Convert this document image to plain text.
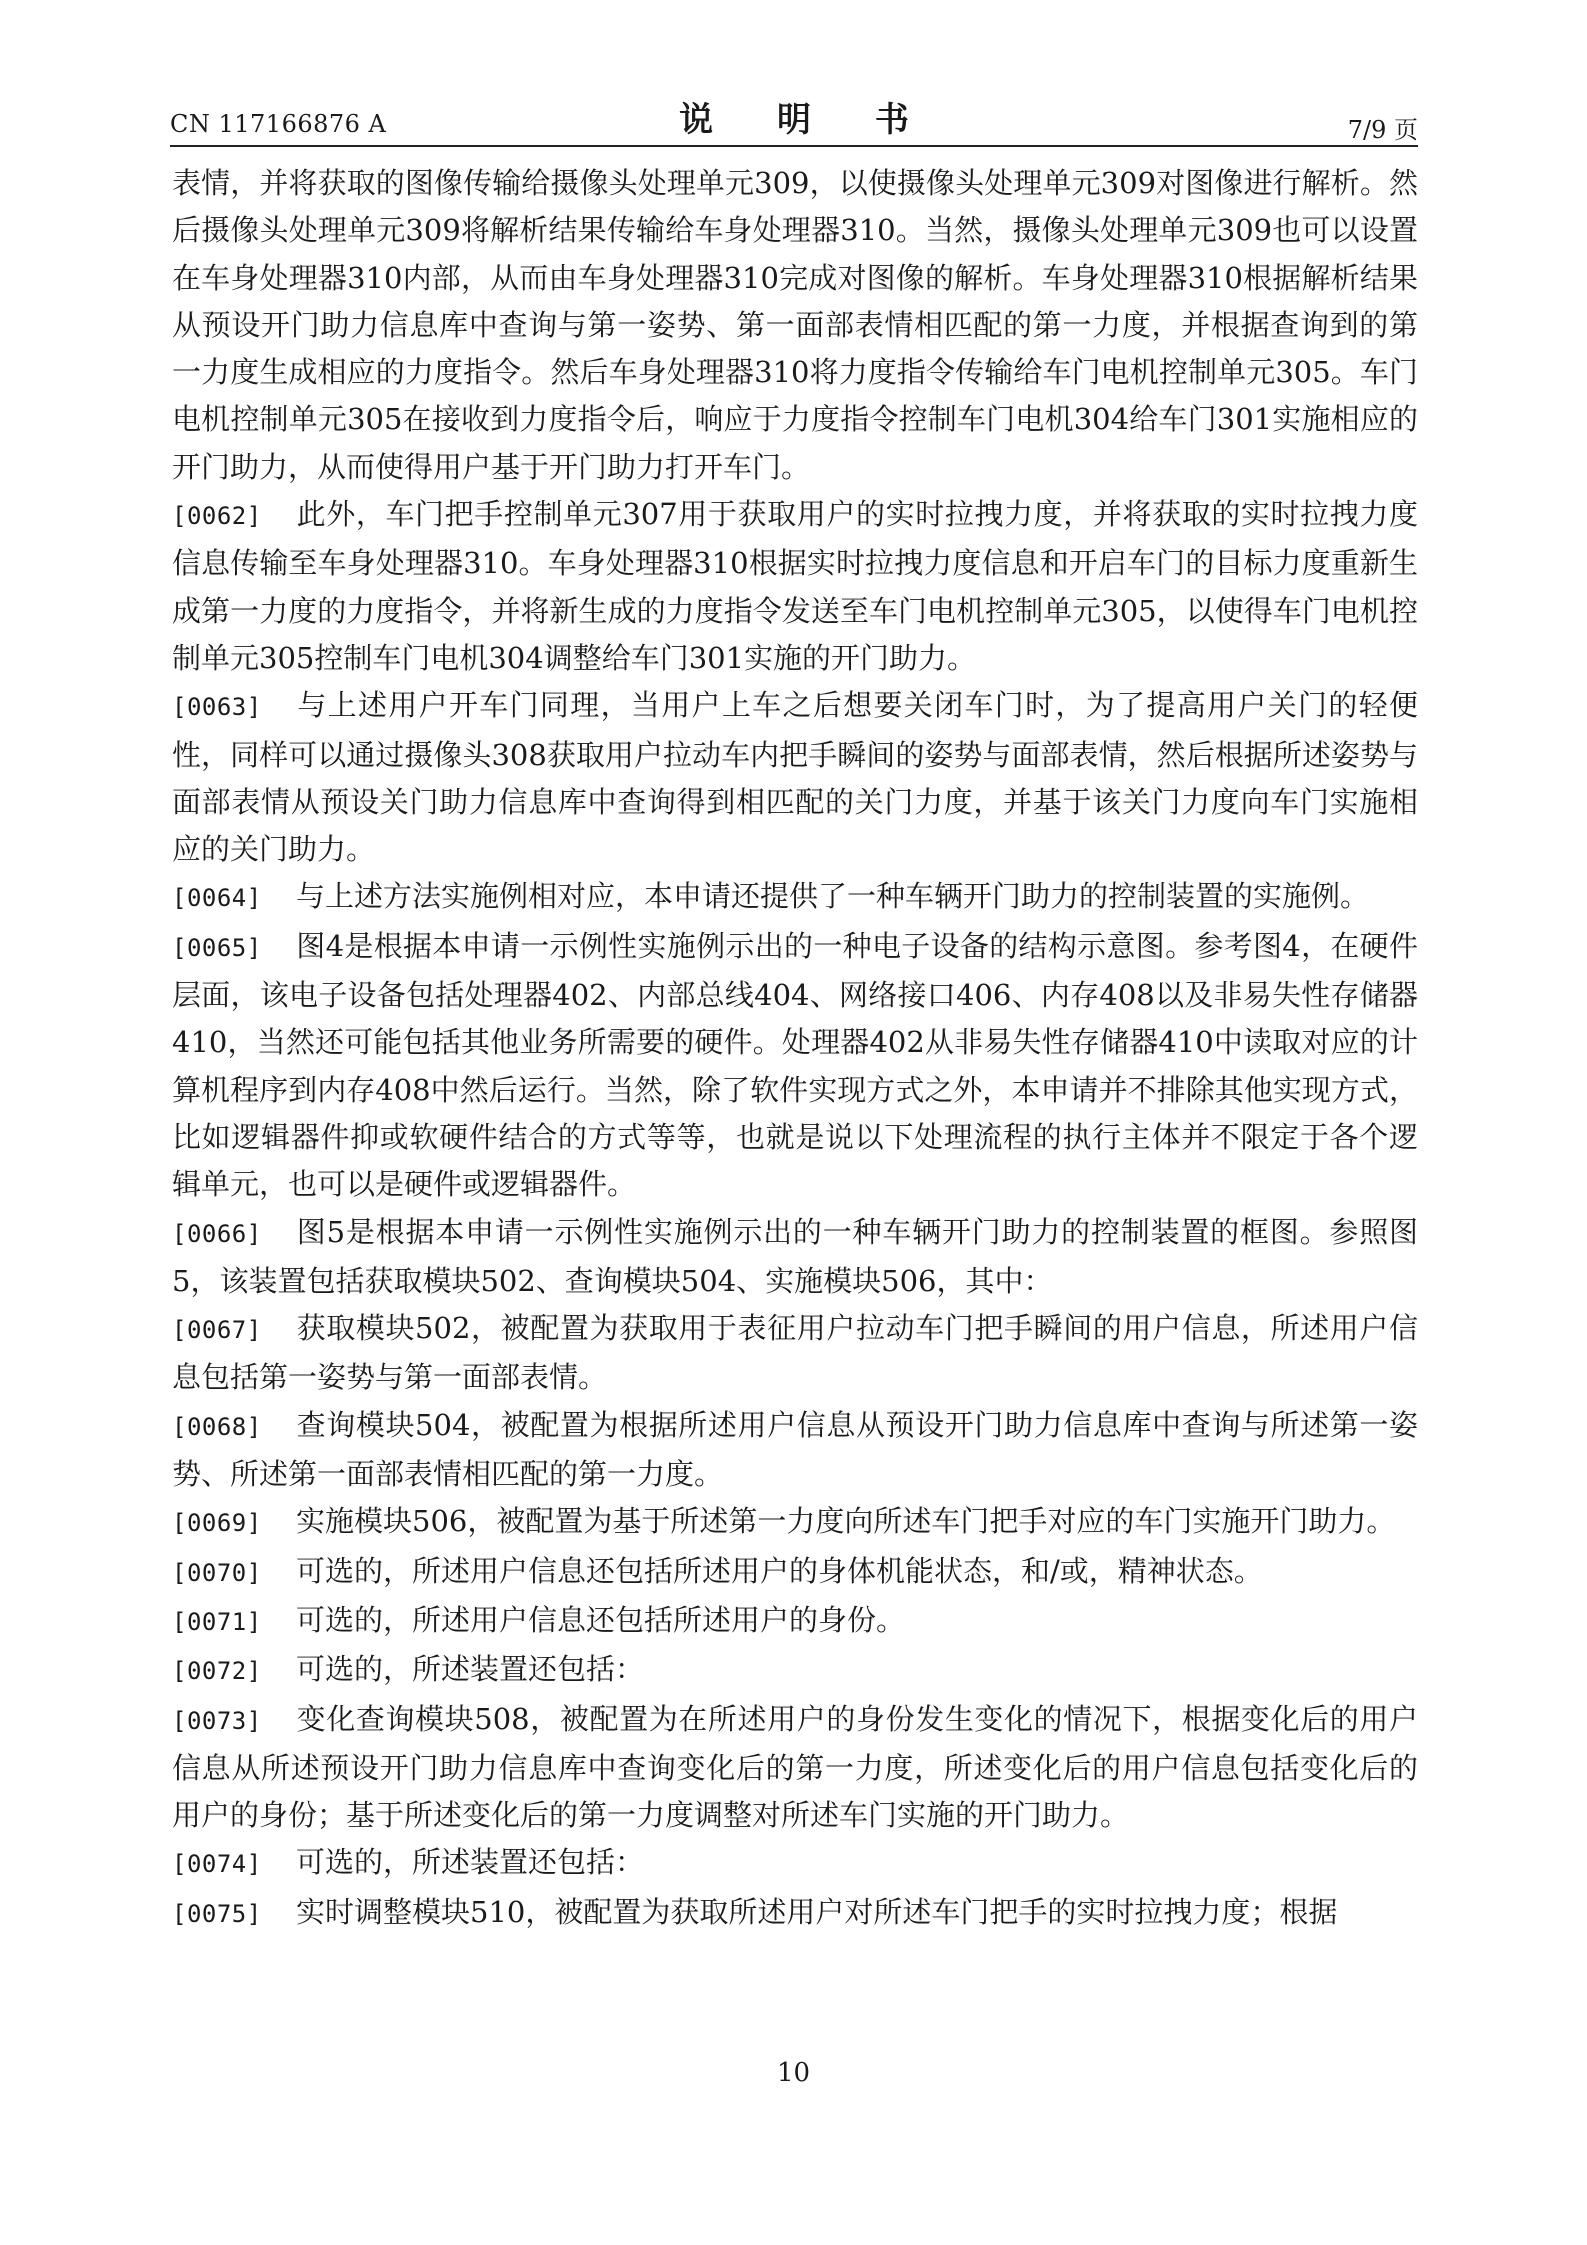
CN 117166876 A	说 明 书	7/9 页

表情，并将获取的图像传输给摄像头处理单元309，以使摄像头处理单元309对图像进行解析。然后摄像头处理单元309将解析结果传输给车身处理器310。当然，摄像头处理单元309也可以设置在车身处理器310内部，从而由车身处理器310完成对图像的解析。车身处理器310根据解析结果从预设开门助力信息库中查询与第一姿势、第一面部表情相匹配的第一力度，并根据查询到的第一力度生成相应的力度指令。然后车身处理器310将力度指令传输给车门电机控制单元305。车门电机控制单元305在接收到力度指令后，响应于力度指令控制车门电机304给车门301实施相应的开门助力，从而使得用户基于开门助力打开车门。

[0062] 此外，车门把手控制单元307用于获取用户的实时拉拽力度，并将获取的实时拉拽力度信息传输至车身处理器310。车身处理器310根据实时拉拽力度信息和开启车门的目标力度重新生成第一力度的力度指令，并将新生成的力度指令发送至车门电机控制单元305，以使得车门电机控制单元305控制车门电机304调整给车门301实施的开门助力。

[0063] 与上述用户开车门同理，当用户上车之后想要关闭车门时，为了提高用户关门的轻便性，同样可以通过摄像头308获取用户拉动车内把手瞬间的姿势与面部表情，然后根据所述姿势与面部表情从预设关门助力信息库中查询得到相匹配的关门力度，并基于该关门力度向车门实施相应的关门助力。

[0064] 与上述方法实施例相对应，本申请还提供了一种车辆开门助力的控制装置的实施例。

[0065] 图4是根据本申请一示例性实施例示出的一种电子设备的结构示意图。参考图4，在硬件层面，该电子设备包括处理器402、内部总线404、网络接口406、内存408以及非易失性存储器410，当然还可能包括其他业务所需要的硬件。处理器402从非易失性存储器410中读取对应的计算机程序到内存408中然后运行。当然，除了软件实现方式之外，本申请并不排除其他实现方式，比如逻辑器件抑或软硬件结合的方式等等，也就是说以下处理流程的执行主体并不限定于各个逻辑单元，也可以是硬件或逻辑器件。

[0066] 图5是根据本申请一示例性实施例示出的一种车辆开门助力的控制装置的框图。参照图5，该装置包括获取模块502、查询模块504、实施模块506，其中：

[0067] 获取模块502，被配置为获取用于表征用户拉动车门把手瞬间的用户信息，所述用户信息包括第一姿势与第一面部表情。

[0068] 查询模块504，被配置为根据所述用户信息从预设开门助力信息库中查询与所述第一姿势、所述第一面部表情相匹配的第一力度。

[0069] 实施模块506，被配置为基于所述第一力度向所述车门把手对应的车门实施开门助力。

[0070] 可选的，所述用户信息还包括所述用户的身体机能状态，和/或，精神状态。

[0071] 可选的，所述用户信息还包括所述用户的身份。

[0072] 可选的，所述装置还包括：

[0073] 变化查询模块508，被配置为在所述用户的身份发生变化的情况下，根据变化后的用户信息从所述预设开门助力信息库中查询变化后的第一力度，所述变化后的用户信息包括变化后的用户的身份；基于所述变化后的第一力度调整对所述车门实施的开门助力。

[0074] 可选的，所述装置还包括：

[0075] 实时调整模块510，被配置为获取所述用户对所述车门把手的实时拉拽力度；根据

10
